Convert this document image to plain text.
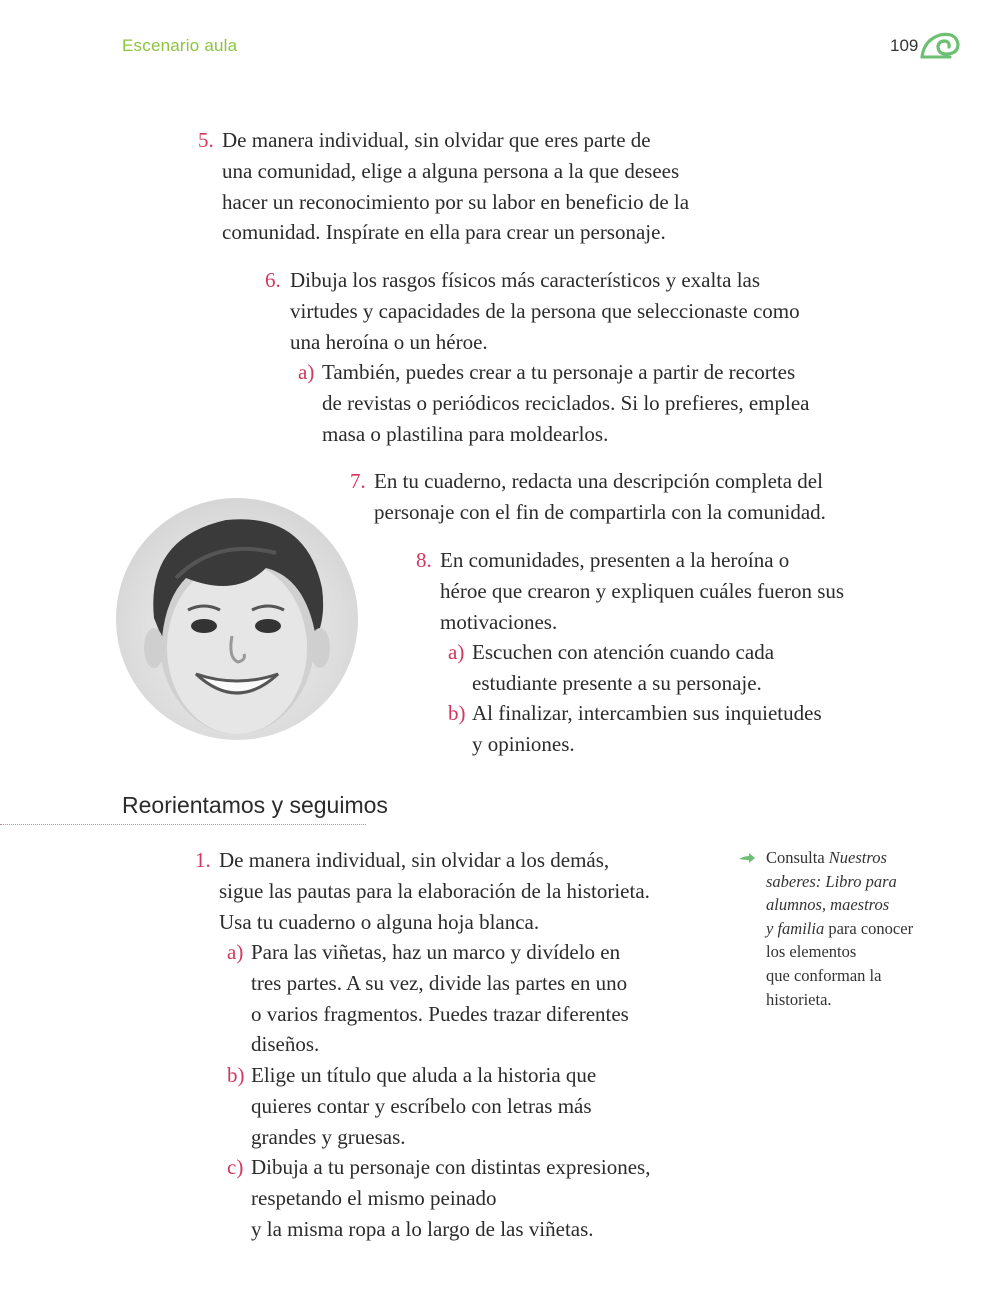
Escenario aula	109
5. De manera individual, sin olvidar que eres parte de
una comunidad, elige a alguna persona a la que desees
hacer un reconocimiento por su labor en beneficio de la
comunidad. Inspírate en ella para crear un personaje.
6. Dibuja los rasgos físicos más característicos y exalta las
virtudes y capacidades de la persona que seleccionaste como
una heroína o un héroe.
a) También, puedes crear a tu personaje a partir de recortes
de revistas o periódicos reciclados. Si lo prefieres, emplea
masa o plastilina para moldearlos.
7. En tu cuaderno, redacta una descripción completa del
personaje con el fin de compartirla con la comunidad.
8. En comunidades, presenten a la heroína o
héroe que crearon y expliquen cuáles fueron sus
motivaciones.
a) Escuchen con atención cuando cada
estudiante presente a su personaje.
b) Al finalizar, intercambien sus inquietudes
y opiniones.
Reorientamos y seguimos
1. De manera individual, sin olvidar a los demás,
sigue las pautas para la elaboración de la historieta.
Usa tu cuaderno o alguna hoja blanca.
a) Para las viñetas, haz un marco y divídelo en
tres partes. A su vez, divide las partes en uno
o varios fragmentos. Puedes trazar diferentes
diseños.
b) Elige un título que aluda a la historia que
quieres contar y escríbelo con letras más
grandes y gruesas.
c) Dibuja a tu personaje con distintas expresiones,
respetando el mismo peinado
y la misma ropa a lo largo de las viñetas.
Consulta Nuestros
saberes: Libro para
alumnos, maestros
y familia para conocer
los elementos
que conforman la
historieta.
